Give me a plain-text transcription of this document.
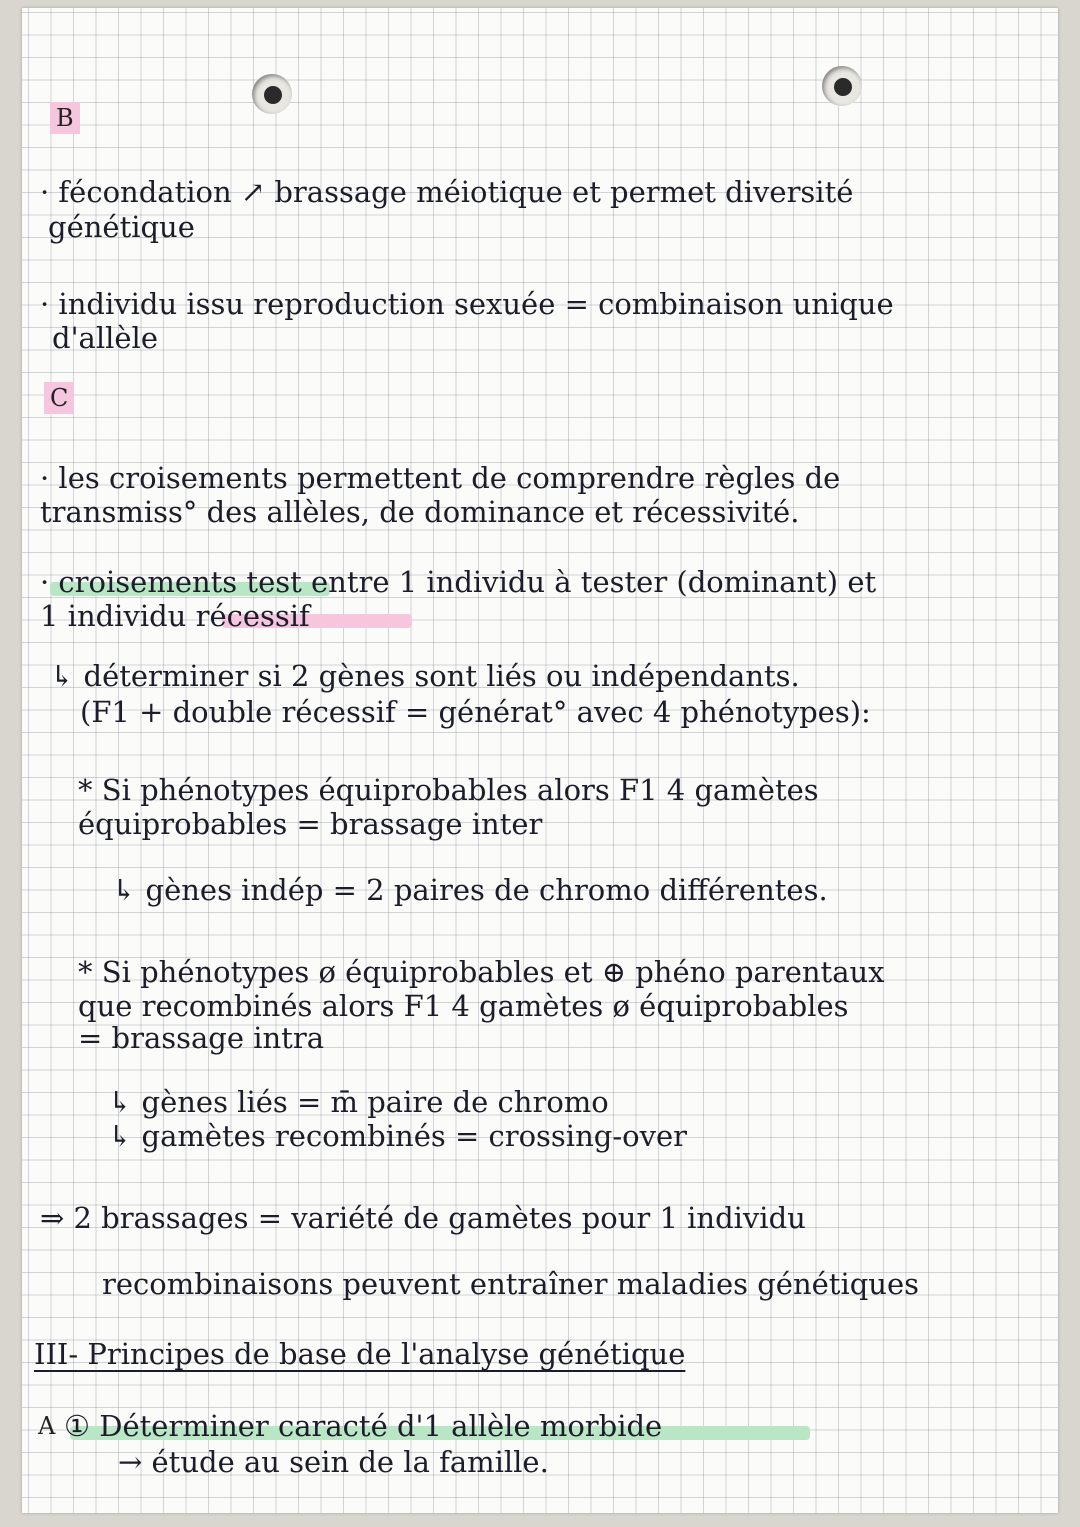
B
· fécondation ↗ brassage méiotique et permet diversité
génétique
· individu issu reproduction sexuée = combinaison unique
d'allèle
C
· les croisements permettent de comprendre règles de
transmiss° des allèles, de dominance et récessivité.
· croisements test entre 1 individu à tester (dominant) et
1 individu récessif
↳ déterminer si 2 gènes sont liés ou indépendants.
(F1 + double récessif = générat° avec 4 phénotypes):
* Si phénotypes équiprobables alors F1 4 gamètes
équiprobables = brassage inter
↳ gènes indép = 2 paires de chromo différentes.
* Si phénotypes ø équiprobables et ⊕ phéno parentaux
que recombinés alors F1 4 gamètes ø équiprobables
= brassage intra
↳ gènes liés = m̄ paire de chromo
↳ gamètes recombinés = crossing-over
⇒ 2 brassages = variété de gamètes pour 1 individu
recombinaisons peuvent entraîner maladies génétiques
III- Principes de base de l'analyse génétique
A ① Déterminer caracté d'1 allèle morbide
→ étude au sein de la famille.
